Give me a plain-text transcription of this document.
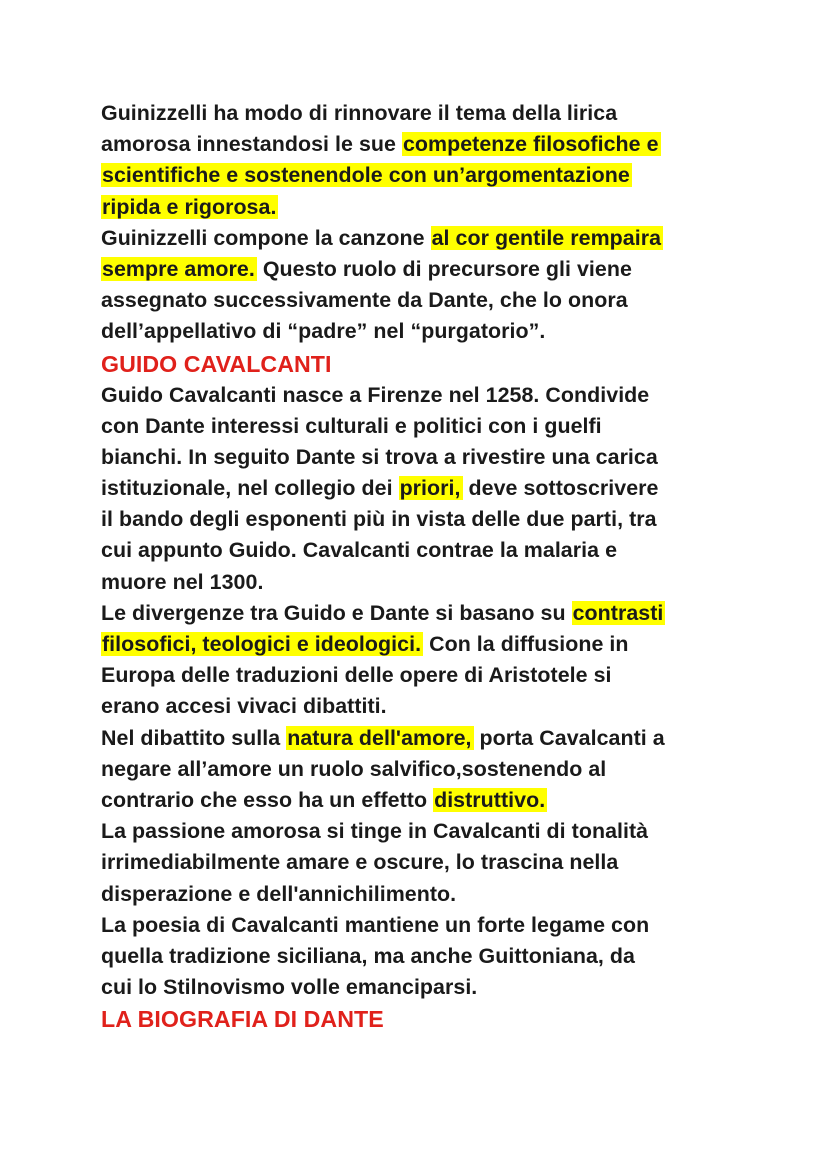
Guinizzelli ha modo di rinnovare il tema della lirica
amorosa innestandosi le sue competenze filosofiche e
scientifiche e sostenendole con un’argomentazione
ripida e rigorosa.
Guinizzelli compone la canzone al cor gentile rempaira
sempre amore. Questo ruolo di precursore gli viene
assegnato successivamente da Dante, che lo onora
dell’appellativo di “padre” nel “purgatorio”.
GUIDO CAVALCANTI
Guido Cavalcanti nasce a Firenze nel 1258. Condivide
con Dante interessi culturali e politici con i guelfi
bianchi. In seguito Dante si trova a rivestire una carica
istituzionale, nel collegio dei priori, deve sottoscrivere
il bando degli esponenti più in vista delle due parti, tra
cui appunto Guido. Cavalcanti contrae la malaria e
muore nel 1300.
Le divergenze tra Guido e Dante si basano su contrasti
filosofici, teologici e ideologici. Con la diffusione in
Europa delle traduzioni delle opere di Aristotele si
erano accesi vivaci dibattiti.
Nel dibattito sulla natura dell'amore, porta Cavalcanti a
negare all’amore un ruolo salvifico,sostenendo al
contrario che esso ha un effetto distruttivo.
La passione amorosa si tinge in Cavalcanti di tonalità
irrimediabilmente amare e oscure, lo trascina nella
disperazione e dell'annichilimento.
La poesia di Cavalcanti mantiene un forte legame con
quella tradizione siciliana, ma anche Guittoniana, da
cui lo Stilnovismo volle emanciparsi.
LA BIOGRAFIA DI DANTE
